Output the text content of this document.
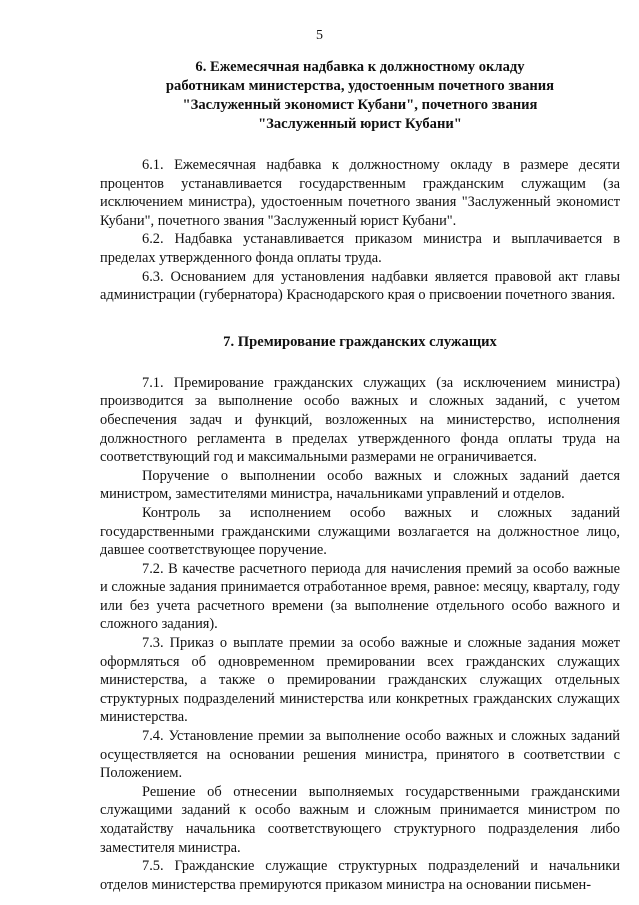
5
6. Ежемесячная надбавка к должностному окладу
работникам министерства, удостоенным почетного звания
"Заслуженный экономист Кубани", почетного звания
"Заслуженный юрист Кубани"

6.1. Ежемесячная надбавка к должностному окладу в размере десяти процентов устанавливается государственным гражданским служащим (за исключением министра), удостоенным почетного звания "Заслуженный экономист Кубани", почетного звания "Заслуженный юрист Кубани".

6.2. Надбавка устанавливается приказом министра и выплачивается в пределах утвержденного фонда оплаты труда.

6.3. Основанием для установления надбавки является правовой акт главы администрации (губернатора) Краснодарского края о присвоении почетного звания.

7. Премирование гражданских служащих

7.1. Премирование гражданских служащих (за исключением министра) производится за выполнение особо важных и сложных заданий, с учетом обеспечения задач и функций, возложенных на министерство, исполнения должностного регламента в пределах утвержденного фонда оплаты труда на соответствующий год и максимальными размерами не ограничивается.

Поручение о выполнении особо важных и сложных заданий дается министром, заместителями министра, начальниками управлений и отделов.

Контроль за исполнением особо важных и сложных заданий государственными гражданскими служащими возлагается на должностное лицо, давшее соответствующее поручение.

7.2. В качестве расчетного периода для начисления премий за особо важные и сложные задания принимается отработанное время, равное: месяцу, кварталу, году или без учета расчетного времени (за выполнение отдельного особо важного и сложного задания).

7.3. Приказ о выплате премии за особо важные и сложные задания может оформляться об одновременном премировании всех гражданских служащих министерства, а также о премировании гражданских служащих отдельных структурных подразделений министерства или конкретных гражданских служащих министерства.

7.4. Установление премии за выполнение особо важных и сложных заданий осуществляется на основании решения министра, принятого в соответствии с Положением.

Решение об отнесении выполняемых государственными гражданскими служащими заданий к особо важным и сложным принимается министром по ходатайству начальника соответствующего структурного подразделения либо заместителя министра.

7.5. Гражданские служащие структурных подразделений и начальники отделов министерства премируются приказом министра на основании письмен-
